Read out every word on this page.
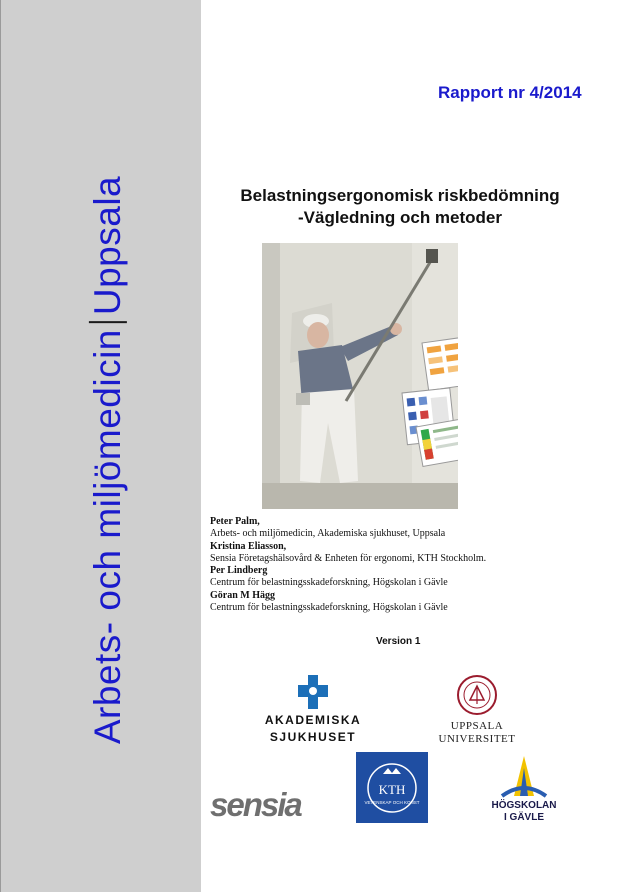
Arbets- och miljömedicinUppsala
Rapport nr 4/2014
Belastningsergonomisk riskbedömning
-Vägledning och metoder
Peter Palm,
Arbets- och miljömedicin, Akademiska sjukhuset, Uppsala
Kristina Eliasson,
Sensia Företagshälsovård & Enheten för ergonomi, KTH Stockholm.
Per Lindberg
Centrum för belastningsskadeforskning, Högskolan i Gävle
Göran M Hägg
Centrum för belastningsskadeforskning, Högskolan i Gävle
Version 1
AKADEMISKA
SJUKHUSET
UPPSALA
UNIVERSITET
sensia	KTH
VETENSKAP OCH KONST	HÖGSKOLAN
I GÄVLE
